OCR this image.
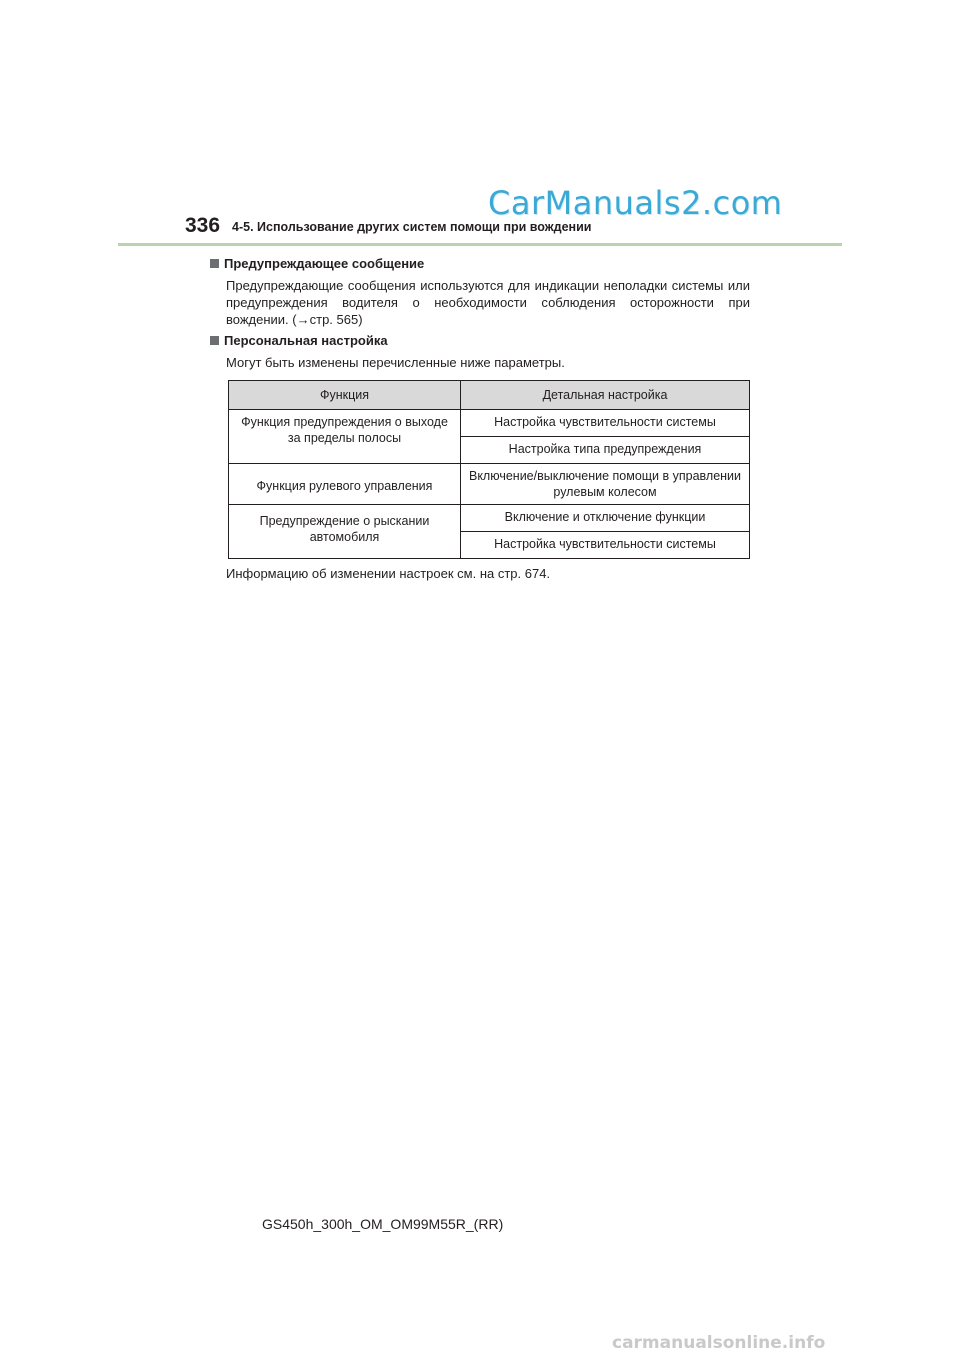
CarManuals2.com
336 4-5. Использование других систем помощи при вождении
Предупреждающее сообщение
Предупреждающие сообщения используются для индикации неполадки системы или предупреждения водителя о необходимости соблюдения осторожности при вождении. (→стр. 565)
Персональная настройка
Могут быть изменены перечисленные ниже параметры.
Функция	Детальная настройка
Функция предупреждения о выходе за пределы полосы	Настройка чувствительности системы
	Настройка типа предупреждения
Функция рулевого управления	Включение/выключение помощи в управлении рулевым колесом
Предупреждение о рыскании автомобиля	Включение и отключение функции
	Настройка чувствительности системы
Информацию об изменении настроек см. на стр. 674.
GS450h_300h_OM_OM99M55R_(RR)
carmanualsonline.info
